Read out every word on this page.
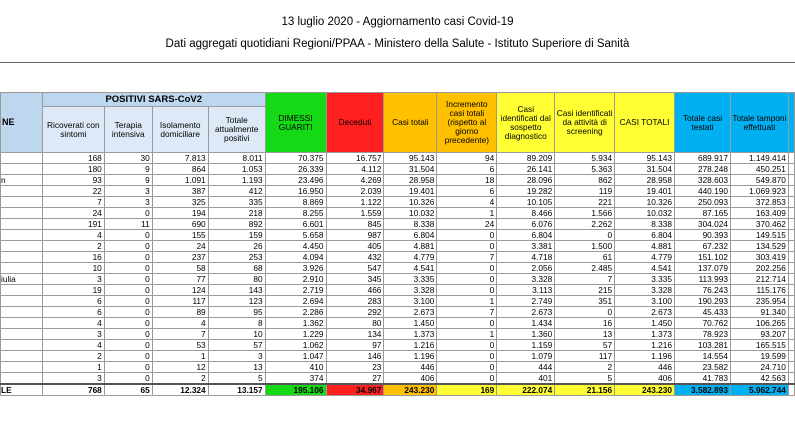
13 luglio 2020 - Aggiornamento casi Covid-19
Dati aggregati quotidiani Regioni/PPAA - Ministero della Salute - Istituto Superiore di Sanità
NE	POSITIVI SARS-CoV2				DIMESSI GUARITI	Deceduti	Casi totali	Incremento casi totali (rispetto al giorno precedente)	Casi identificati dal sospetto diagnostico	Casi identificati da attività di screening	CASI TOTALI	Totale casi testati	Totale tamponi effettuati	
	Ricoverati con sintomi	Terapia intensiva	Isolamento domiciliare	Totale attualmente positivi										
	168	30	7.813	8.011	70.375	16.757	95.143	94	89.209	5.934	95.143	689.917	1.149.414	
	180	9	864	1.053	26.339	4.112	31.504	6	26.141	5.363	31.504	278.248	450.251	
n	93	9	1.091	1.193	23.496	4.269	28.958	18	28.096	862	28.958	328.603	549.870	
	22	3	387	412	16.950	2.039	19.401	6	19.282	119	19.401	440.190	1.069.923	
	7	3	325	335	8.869	1.122	10.326	4	10.105	221	10.326	250.093	372.853	
	24	0	194	218	8.255	1.559	10.032	1	8.466	1.566	10.032	87.165	163.409	
	191	11	690	892	6.601	845	8.338	24	6.076	2.262	8.338	304.024	370.462	
	4	0	155	159	5.658	987	6.804	0	6.804	0	6.804	90.393	149.515	
	2	0	24	26	4.450	405	4.881	0	3.381	1.500	4.881	67.232	134.529	
	16	0	237	253	4.094	432	4.779	7	4.718	61	4.779	151.102	303.419	
	10	0	58	68	3.926	547	4.541	0	2.056	2.485	4.541	137.079	202.256	
iulia	3	0	77	80	2.910	345	3.335	0	3.328	7	3.335	113.993	212.714	
	19	0	124	143	2.719	466	3.328	0	3.113	215	3.328	76.243	115.176	
	6	0	117	123	2.694	283	3.100	1	2.749	351	3.100	190.293	235.954	
	6	0	89	95	2.286	292	2.673	7	2.673	0	2.673	45.433	91.340	
	4	0	4	8	1.362	80	1.450	0	1.434	16	1.450	70.762	106.265	
	3	0	7	10	1.229	134	1.373	1	1.360	13	1.373	78.923	93.207	
	4	0	53	57	1.062	97	1.216	0	1.159	57	1.216	103.281	165.515	
	2	0	1	3	1.047	146	1.196	0	1.079	117	1.196	14.554	19.599	
	1	0	12	13	410	23	446	0	444	2	446	23.582	24.710	
	3	0	2	5	374	27	406	0	401	5	406	41.783	42.563	
LE	768	65	12.324	13.157	195.106	34.967	243.230	169	222.074	21.156	243.230	3.582.893	5.962.744	
